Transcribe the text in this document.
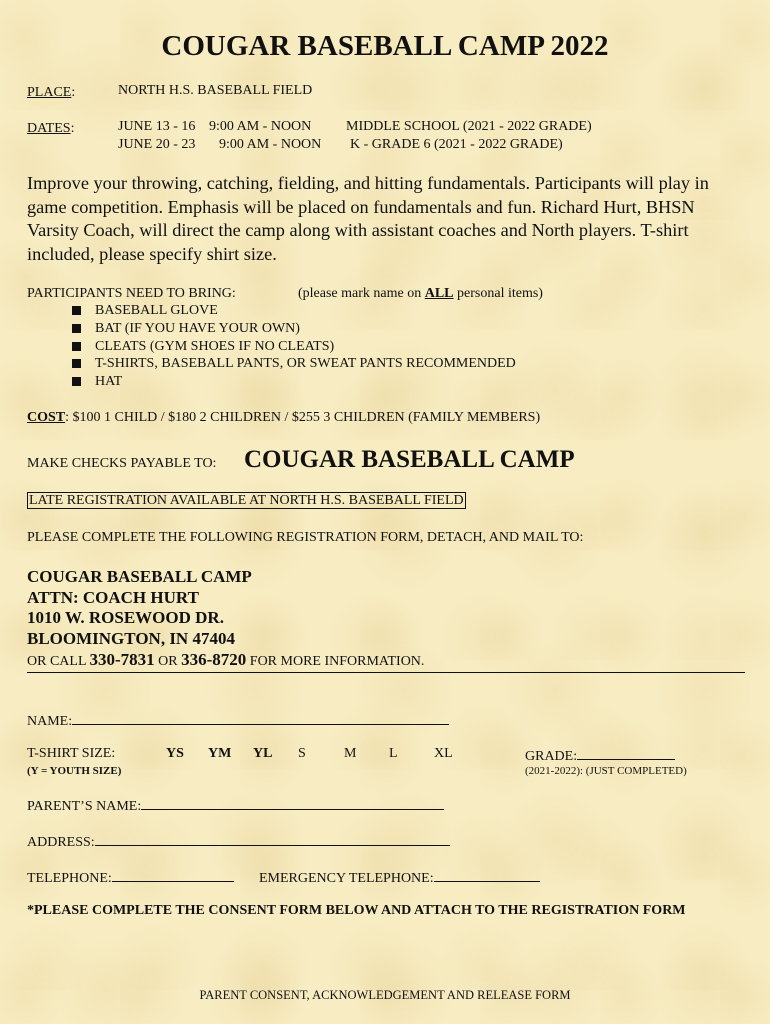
COUGAR BASEBALL CAMP 2022
PLACE:	NORTH H.S. BASEBALL FIELD
DATES:	JUNE 13 - 16 9:00 AM - NOON MIDDLE SCHOOL (2021 - 2022 GRADE)
JUNE 20 - 23 9:00 AM - NOON K - GRADE 6 (2021 - 2022 GRADE)
Improve your throwing, catching, fielding, and hitting fundamentals. Participants will play in game competition. Emphasis will be placed on fundamentals and fun. Richard Hurt, BHSN Varsity Coach, will direct the camp along with assistant coaches and North players. T-shirt included, please specify shirt size.
PARTICIPANTS NEED TO BRING:	(please mark name on ALL personal items)
BASEBALL GLOVE
BAT (IF YOU HAVE YOUR OWN)
CLEATS (GYM SHOES IF NO CLEATS)
T-SHIRTS, BASEBALL PANTS, OR SWEAT PANTS RECOMMENDED
HAT
COST: $100 1 CHILD / $180 2 CHILDREN / $255 3 CHILDREN (FAMILY MEMBERS)
MAKE CHECKS PAYABLE TO: COUGAR BASEBALL CAMP
LATE REGISTRATION AVAILABLE AT NORTH H.S. BASEBALL FIELD
PLEASE COMPLETE THE FOLLOWING REGISTRATION FORM, DETACH, AND MAIL TO:
COUGAR BASEBALL CAMP
ATTN: COACH HURT
1010 W. ROSEWOOD DR.
BLOOMINGTON, IN 47404
OR CALL 330-7831 OR 336-8720 FOR MORE INFORMATION.
NAME:
T-SHIRT SIZE:	YS YM YL S	M L	XL	GRADE:
(Y = YOUTH SIZE)	(2021-2022): (JUST COMPLETED)
PARENT’S NAME:
ADDRESS:
TELEPHONE:	EMERGENCY TELEPHONE:
*PLEASE COMPLETE THE CONSENT FORM BELOW AND ATTACH TO THE REGISTRATION FORM
PARENT CONSENT, ACKNOWLEDGEMENT AND RELEASE FORM
